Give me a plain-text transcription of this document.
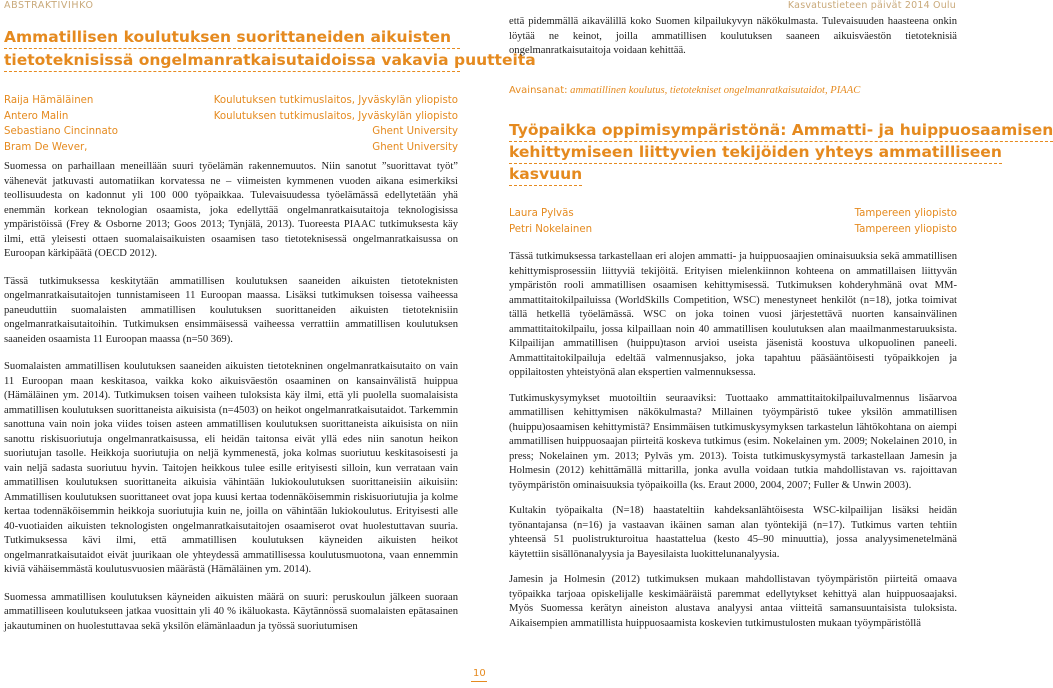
ABSTRAKTIVIHKO	Kasvatustieteen päivät 2014 Oulu
Ammatillisen koulutuksen suorittaneiden aikuisten
tietoteknisissä ongelmanratkaisutaidoissa vakavia puutteita
Raija Hämäläinen	Koulutuksen tutkimuslaitos, Jyväskylän yliopisto
Antero Malin	Koulutuksen tutkimuslaitos, Jyväskylän yliopisto
Sebastiano Cincinnato	Ghent University
Bram De Wever,	Ghent University

Suomessa on parhaillaan meneillään suuri työelämän rakennemuutos. Niin sanotut ”suorittavat työt” vähenevät jatkuvasti automatiikan korvatessa ne – viimeisten kymmenen vuoden aikana esimerkiksi teollisuudesta on kadonnut yli 100 000 työpaikkaa. Tulevaisuudessa työelämässä edellytetään yhä enemmän korkean teknologian osaamista, joka edellyttää ongelmanratkaisutaitoja teknologisissa ympäristöissä (Frey & Osborne 2013; Goos 2013; Tynjälä, 2013). Tuoreesta PIAAC tutkimuksesta käy ilmi, että yleisesti ottaen suomalaisaikuisten osaamisen taso tietoteknisessä ongelmanratkaisussa on Euroopan kärkipäätä (OECD 2012).

Tässä tutkimuksessa keskitytään ammatillisen koulutuksen saaneiden aikuisten tietoteknisten ongelmanratkaisutaitojen tunnistamiseen 11 Euroopan maassa. Lisäksi tutkimuksen toisessa vaiheessa paneuduttiin suomalaisten ammatillisen koulutuksen suorittaneiden aikuisten tietoteknisiin ongelmanratkaisutaitoihin. Tutkimuksen ensimmäisessä vaiheessa verrattiin ammatillisen koulutuksen saaneiden osaamista 11 Euroopan maassa (n=50 369).

Suomalaisten ammatillisen koulutuksen saaneiden aikuisten tietotekninen ongelmanratkaisutaito on vain 11 Euroopan maan keskitasoa, vaikka koko aikuisväestön osaaminen on kansainvälistä huippua (Hämäläinen ym. 2014). Tutkimuksen toisen vaiheen tuloksista käy ilmi, että yli puolella suomalaisista ammatillisen koulutuksen suorittaneista aikuisista (n=4503) on heikot ongelmanratkaisutaidot. Tarkemmin sanottuna vain noin joka viides toisen asteen ammatillisen koulutuksen suorittaneista aikuisista on niin sanottu riskisuoriutuja ongelmanratkaisussa, eli heidän taitonsa eivät yllä edes niin sanotun heikon suoriutujan tasolle. Heikkoja suoriutujia on neljä kymmenestä, joka kolmas suoriutuu keskitasoisesti ja vain neljä sadasta suoriutuu hyvin. Taitojen heikkous tulee esille erityisesti silloin, kun verrataan vain ammatillisen koulutuksen suorittaneita aikuisia vähintään lukiokoulutuksen suorittaneisiin aikuisiin: Ammatillisen koulutuksen suorittaneet ovat jopa kuusi kertaa todennäköisemmin riskisuoriutujia ja kolme kertaa todennäköisemmin heikkoja suoriutujia kuin ne, joilla on vähintään lukiokoulutus. Erityisesti alle 40-vuotiaiden aikuisten teknologisten ongelmanratkaisutaitojen osaamiserot ovat huolestuttavan suuria. Tutkimuksessa kävi ilmi, että ammatillisen koulutuksen käyneiden aikuisten heikot ongelmanratkaisutaidot eivät juurikaan ole yhteydessä ammatillisessa koulutusmuotona, vaan ennemmin kiviä vähäisemmästä koulutusvuosien määrästä (Hämäläinen ym. 2014).

Suomessa ammatillisen koulutuksen käyneiden aikuisten määrä on suuri: peruskoulun jälkeen suoraan ammatilliseen koulutukseen jatkaa vuosittain yli 40 % ikäluokasta. Käytännössä suomalaisten epätasainen jakautuminen on huolestuttavaa sekä yksilön elämänlaadun ja työssä suoriutumisen

että pidemmällä aikavälillä koko Suomen kilpailukyvyn näkökulmasta. Tulevaisuuden haasteena onkin löytää ne keinot, joilla ammatillisen koulutuksen saaneen aikuisväestön tietoteknisiä ongelmanratkaisutaitoja voidaan kehittää.

Avainsanat: ammatillinen koulutus, tietotekniset ongelmanratkaisutaidot, PIAAC
Työpaikka oppimisympäristönä: Ammatti- ja huippuosaamisen
kehittymiseen liittyvien tekijöiden yhteys ammatilliseen
kasvuun
Laura Pylväs	Tampereen yliopisto
Petri Nokelainen	Tampereen yliopisto

Tässä tutkimuksessa tarkastellaan eri alojen ammatti- ja huippuosaajien ominaisuuksia sekä ammatillisen kehittymisprosessiin liittyviä tekijöitä. Erityisen mielenkiinnon kohteena on ammatillaisen liittyvän ympäristön rooli ammatillisen osaamisen kehittymisessä. Tutkimuksen kohderyhmänä ovat MM-ammattitaitokilpailuissa (WorldSkills Competition, WSC) menestyneet henkilöt (n=18), jotka toimivat tällä hetkellä työelämässä. WSC on joka toinen vuosi järjestettävä nuorten kansainvälinen ammattitaitokilpailu, jossa kilpaillaan noin 40 ammatillisen koulutuksen alan maailmanmestaruuksista. Kilpailijan ammatillisen (huippu)tason arvioi useista jäsenistä koostuva ulkopuolinen paneeli. Ammattitaitokilpailuja edeltää valmennusjakso, joka tapahtuu pääsääntöisesti työpaikkojen ja oppilaitosten yhteistyönä alan ekspertien valmennuksessa.

Tutkimuskysymykset muotoiltiin seuraaviksi: Tuottaako ammattitaitokilpailuvalmennus lisäarvoa ammatillisen kehittymisen näkökulmasta? Millainen työympäristö tukee yksilön ammatillisen (huippu)osaamisen kehittymistä? Ensimmäisen tutkimuskysymyksen tarkastelun lähtökohtana on aiempi ammatillisen huippuosaajan piirteitä koskeva tutkimus (esim. Nokelainen ym. 2009; Nokelainen 2010, in press; Nokelainen ym. 2013; Pylväs ym. 2013). Toista tutkimuskysymystä tarkastellaan Jamesin ja Holmesin (2012) kehittämällä mittarilla, jonka avulla voidaan tutkia mahdollistavan vs. rajoittavan työympäristön ominaisuuksia työpaikoilla (ks. Eraut 2000, 2004, 2007; Fuller & Unwin 2003).

Kultakin työpaikalta (N=18) haastateltiin kahdeksanlähtöisesta WSC-kilpailijan lisäksi heidän työnantajansa (n=16) ja vastaavan ikäinen saman alan työntekijä (n=17). Tutkimus varten tehtiin yhteensä 51 puolistrukturoitua haastattelua (kesto 45–90 minuuttia), jossa analyysimenetelmänä käytettiin sisällönanalyysia ja Bayesilaista luokittelunanalyysia.

Jamesin ja Holmesin (2012) tutkimuksen mukaan mahdollistavan työympäristön piirteitä omaava työpaikka tarjoaa opiskelijalle keskimääräistä paremmat edellytykset kehittyä alan huippuosaajaksi. Myös Suomessa kerätyn aineiston alustava analyysi antaa viitteitä samansuuntaisista tuloksista. Aikaisempien ammatillista huippuosaamista koskevien tutkimustulosten mukaan työympäristöllä

10
